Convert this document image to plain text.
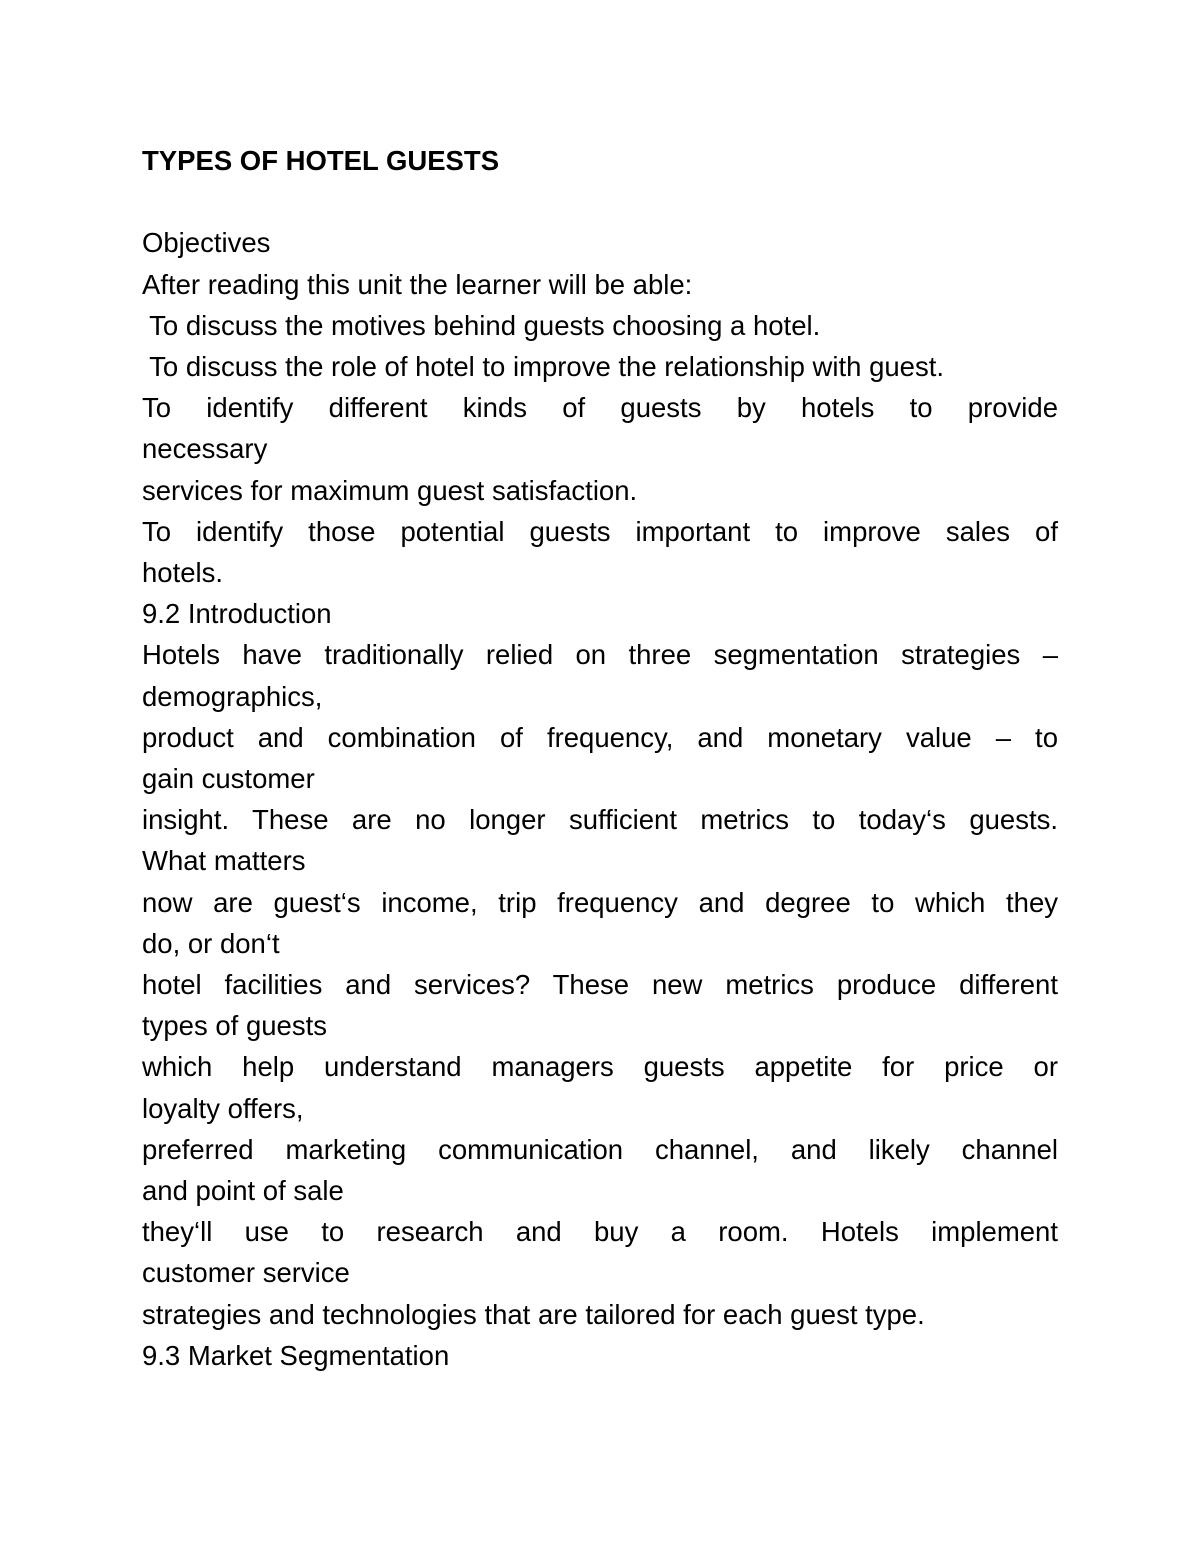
TYPES OF HOTEL GUESTS
Objectives
After reading this unit the learner will be able:
To discuss the motives behind guests choosing a hotel.
To discuss the role of hotel to improve the relationship with guest.
To identify different kinds of guests by hotels to provide
necessary
services for maximum guest satisfaction.
To identify those potential guests important to improve sales of
hotels.
9.2 Introduction
Hotels have traditionally relied on three segmentation strategies –
demographics,
product and combination of frequency, and monetary value – to
gain customer
insight. These are no longer sufficient metrics to today‘s guests.
What matters
now are guest‘s income, trip frequency and degree to which they
do, or don‘t
hotel facilities and services? These new metrics produce different
types of guests
which help understand managers guests appetite for price or
loyalty offers,
preferred marketing communication channel, and likely channel
and point of sale
they‘ll use to research and buy a room. Hotels implement
customer service
strategies and technologies that are tailored for each guest type.
9.3 Market Segmentation
